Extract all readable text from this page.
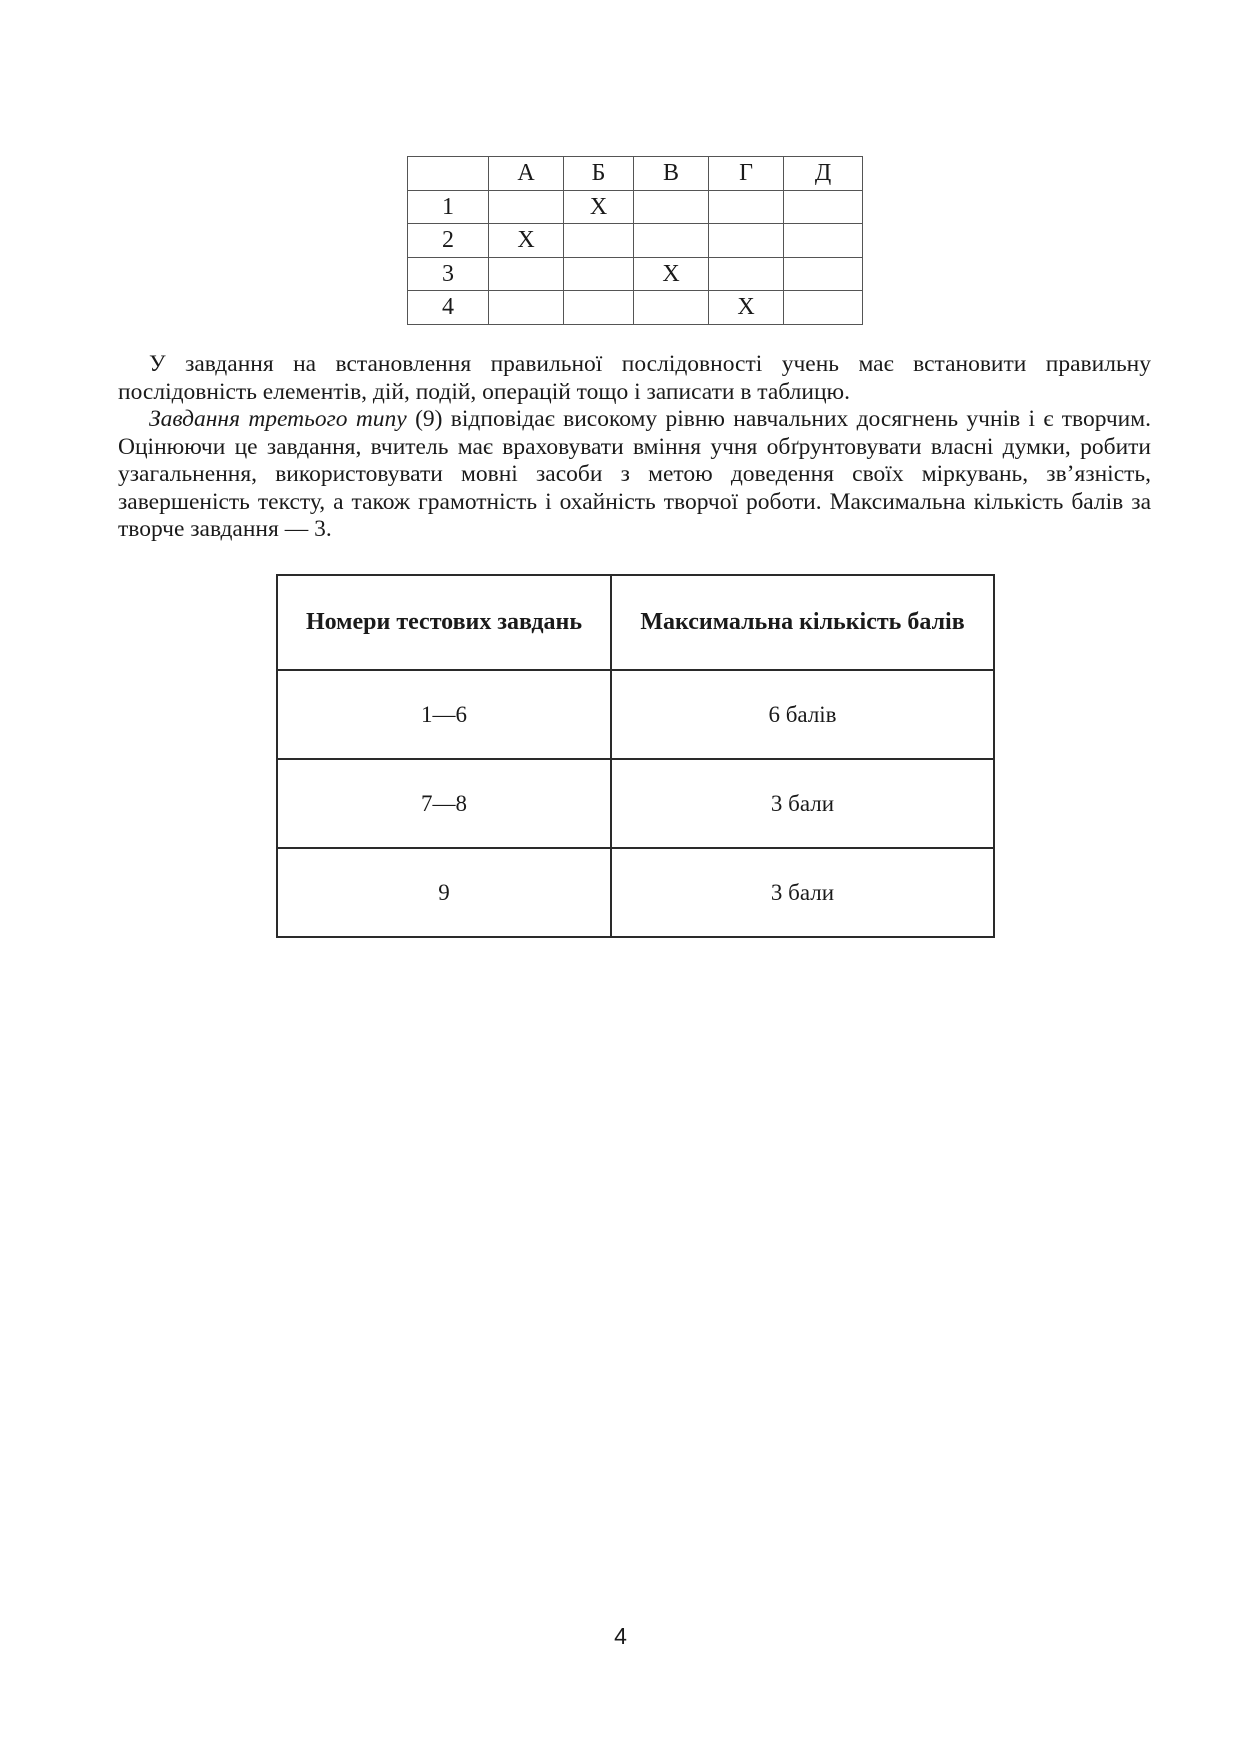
	А	Б	В	Г	Д
1		Х			
2	Х				
3			Х		
4				Х	

У завдання на встановлення правильної послідовності учень має встановити правильну послідовність елементів, дій, подій, операцій тощо і записати в таблицю.

Завдання третього типу (9) відповідає високому рівню навчальних досягнень учнів і є творчим. Оцінюючи це завдання, вчитель має враховувати вміння учня обґрунтовувати власні думки, робити узагальнення, використовувати мовні засоби з метою доведення своїх міркувань, зв’язність, завершеність тексту, а також грамотність і охайність творчої роботи. Максимальна кількість балів за творче завдання — 3.

Номери тестових завдань	Максимальна кількість балів
1—6	6 балів
7—8	3 бали
9	3 бали
4
